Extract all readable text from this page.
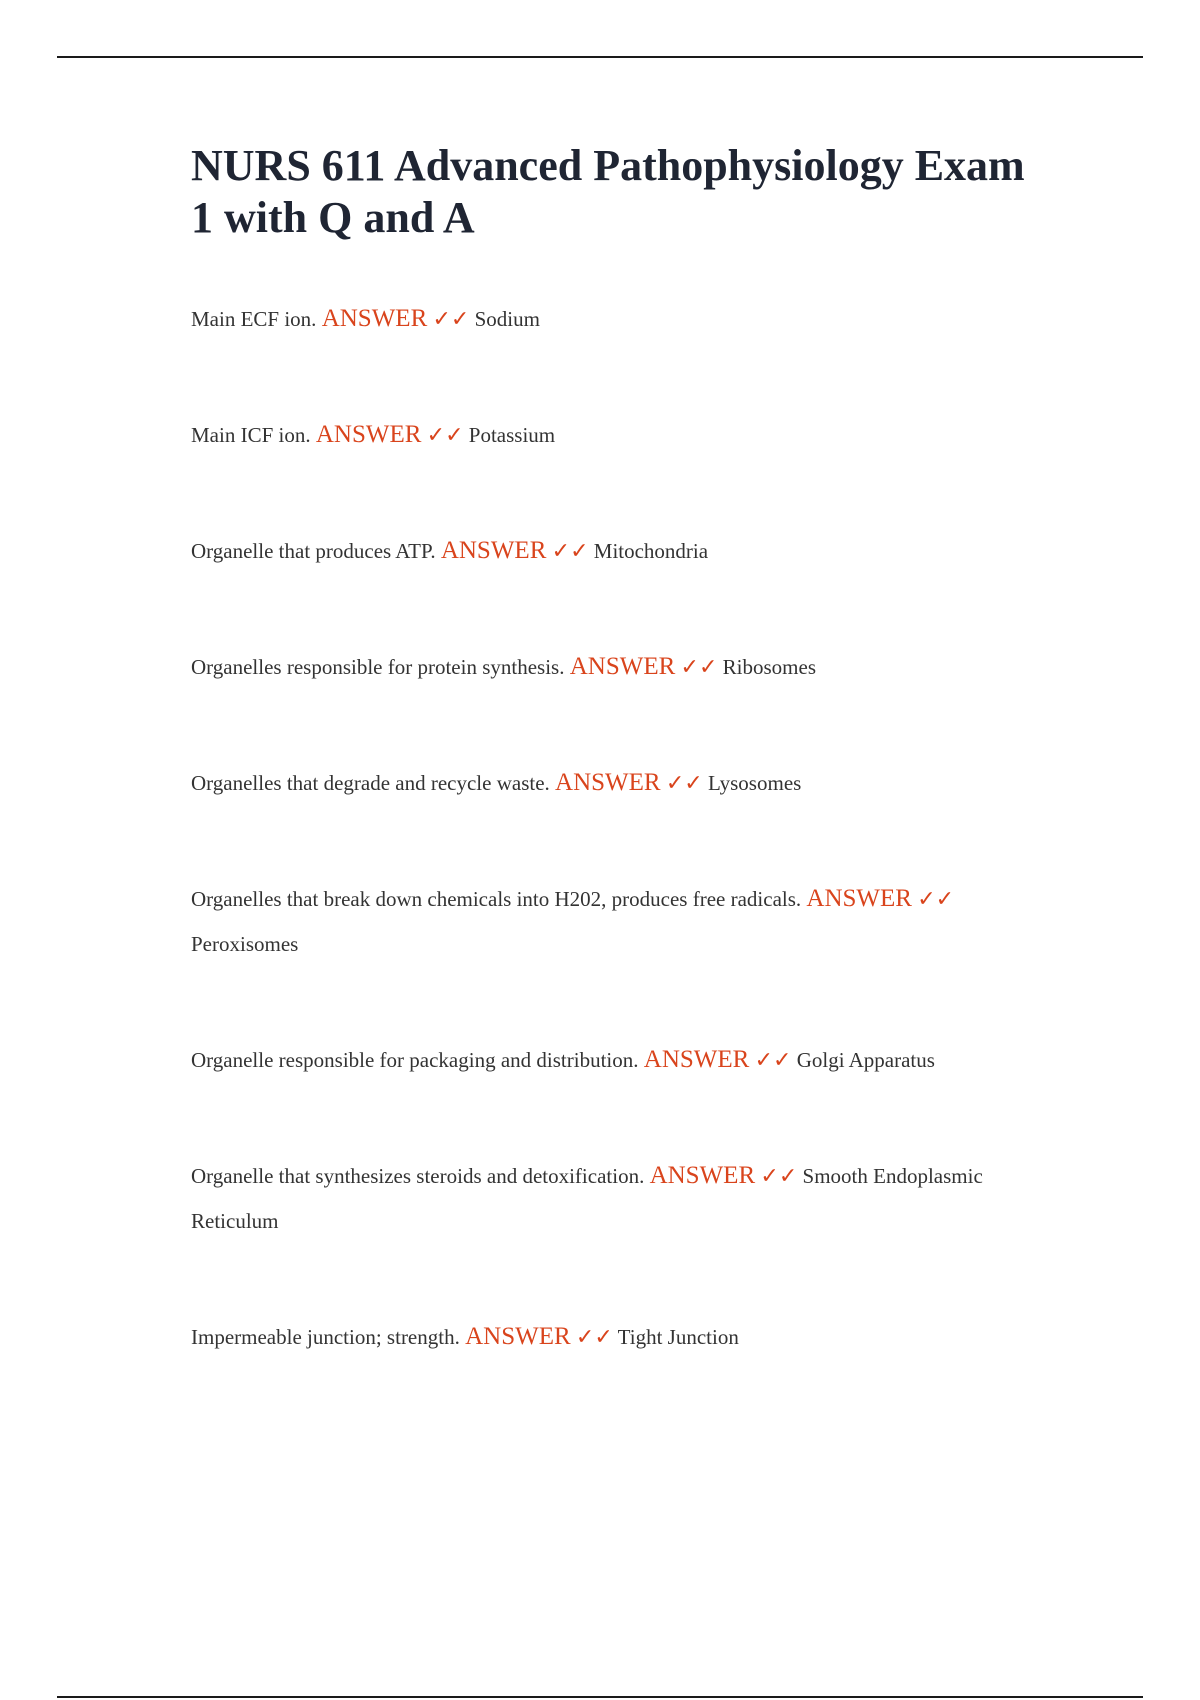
NURS 611 Advanced Pathophysiology Exam 1 with Q and A
Main ECF ion. ANSWER ✓✓ Sodium
Main ICF ion. ANSWER ✓✓ Potassium
Organelle that produces ATP. ANSWER ✓✓ Mitochondria
Organelles responsible for protein synthesis. ANSWER ✓✓ Ribosomes
Organelles that degrade and recycle waste. ANSWER ✓✓ Lysosomes
Organelles that break down chemicals into H202, produces free radicals. ANSWER ✓✓ Peroxisomes
Organelle responsible for packaging and distribution. ANSWER ✓✓ Golgi Apparatus
Organelle that synthesizes steroids and detoxification. ANSWER ✓✓ Smooth Endoplasmic Reticulum
Impermeable junction; strength. ANSWER ✓✓ Tight Junction
